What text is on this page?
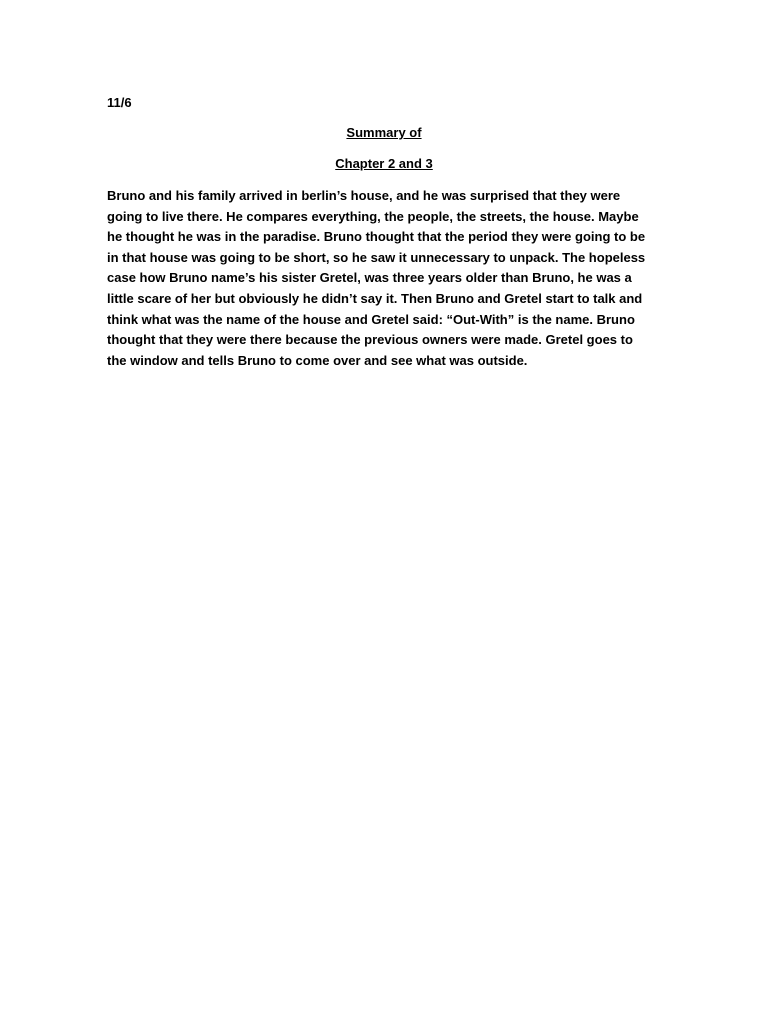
11/6
Summary of
Chapter 2 and 3

Bruno and his family arrived in berlin’s house, and he was surprised that they were
going to live there. He compares everything, the people, the streets, the house. Maybe
he thought he was in the paradise. Bruno thought that the period they were going to be
in that house was going to be short, so he saw it unnecessary to unpack. The hopeless
case how Bruno name’s his sister Gretel, was three years older than Bruno, he was a
little scare of her but obviously he didn’t say it. Then Bruno and Gretel start to talk and
think what was the name of the house and Gretel said: “Out-With” is the name. Bruno
thought that they were there because the previous owners were made. Gretel goes to
the window and tells Bruno to come over and see what was outside.
